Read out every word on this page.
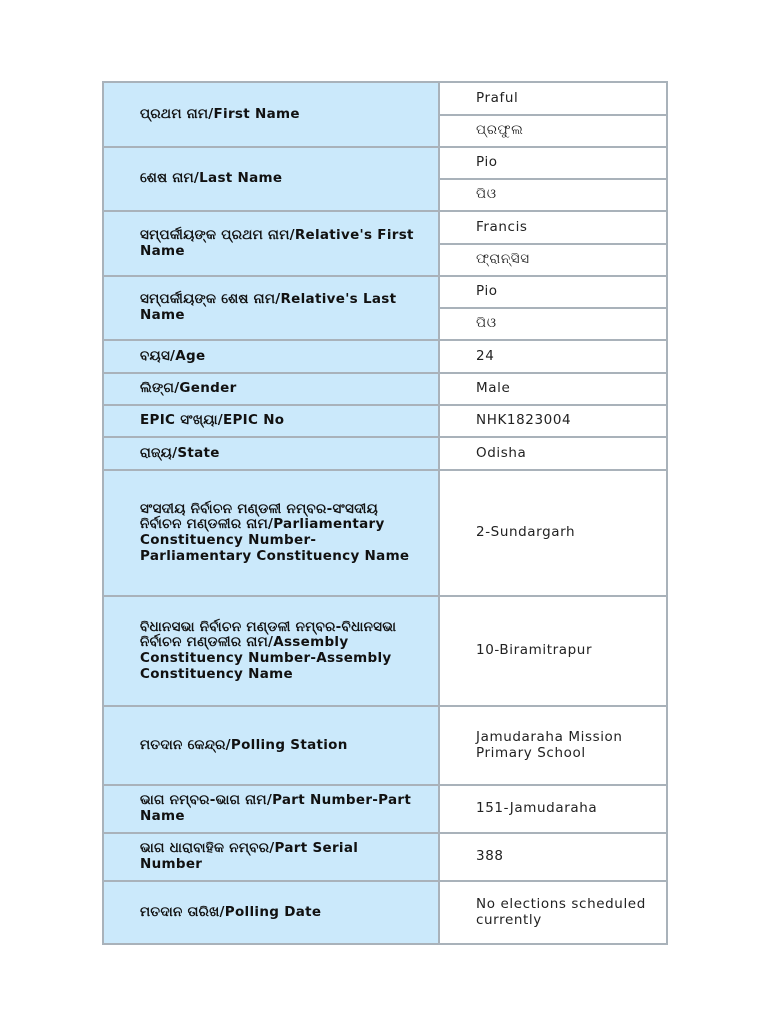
ପ୍ରଥମ ନାମ/First Name	Praful
	ପ୍ରଫୁଲ
ଶେଷ ନାମ/Last Name	Pio
	ପିଓ
ସମ୍ପର୍କୀୟଙ୍କ ପ୍ରଥମ ନାମ/Relative's First Name	Francis
	ଫ୍ରାନ୍ସିସ
ସମ୍ପର୍କୀୟଙ୍କ ଶେଷ ନାମ/Relative's Last Name	Pio
	ପିଓ
ବୟସ/Age	24
ଲିଙ୍ଗ/Gender	Male
EPIC ସଂଖ୍ୟା/EPIC No	NHK1823004
ରାଜ୍ୟ/State	Odisha
ସଂସଦୀୟ ନିର୍ବାଚନ ମଣ୍ଡଳୀ ନମ୍ବର-ସଂସଦୀୟ ନିର୍ବାଚନ ମଣ୍ଡଳୀର ନାମ/Parliamentary Constituency Number-Parliamentary Constituency Name	2-Sundargarh
ବିଧାନସଭା ନିର୍ବାଚନ ମଣ୍ଡଳୀ ନମ୍ବର-ବିଧାନସଭା ନିର୍ବାଚନ ମଣ୍ଡଳୀର ନାମ/Assembly Constituency Number-Assembly Constituency Name	10-Biramitrapur
ମତଦାନ କେନ୍ଦ୍ର/Polling Station	Jamudaraha Mission Primary School
ଭାଗ ନମ୍ବର-ଭାଗ ନାମ/Part Number-Part Name	151-Jamudaraha
ଭାଗ ଧାରାବାହିକ ନମ୍ବର/Part Serial Number	388
ମତଦାନ ତାରିଖ/Polling Date	No elections scheduled currently
